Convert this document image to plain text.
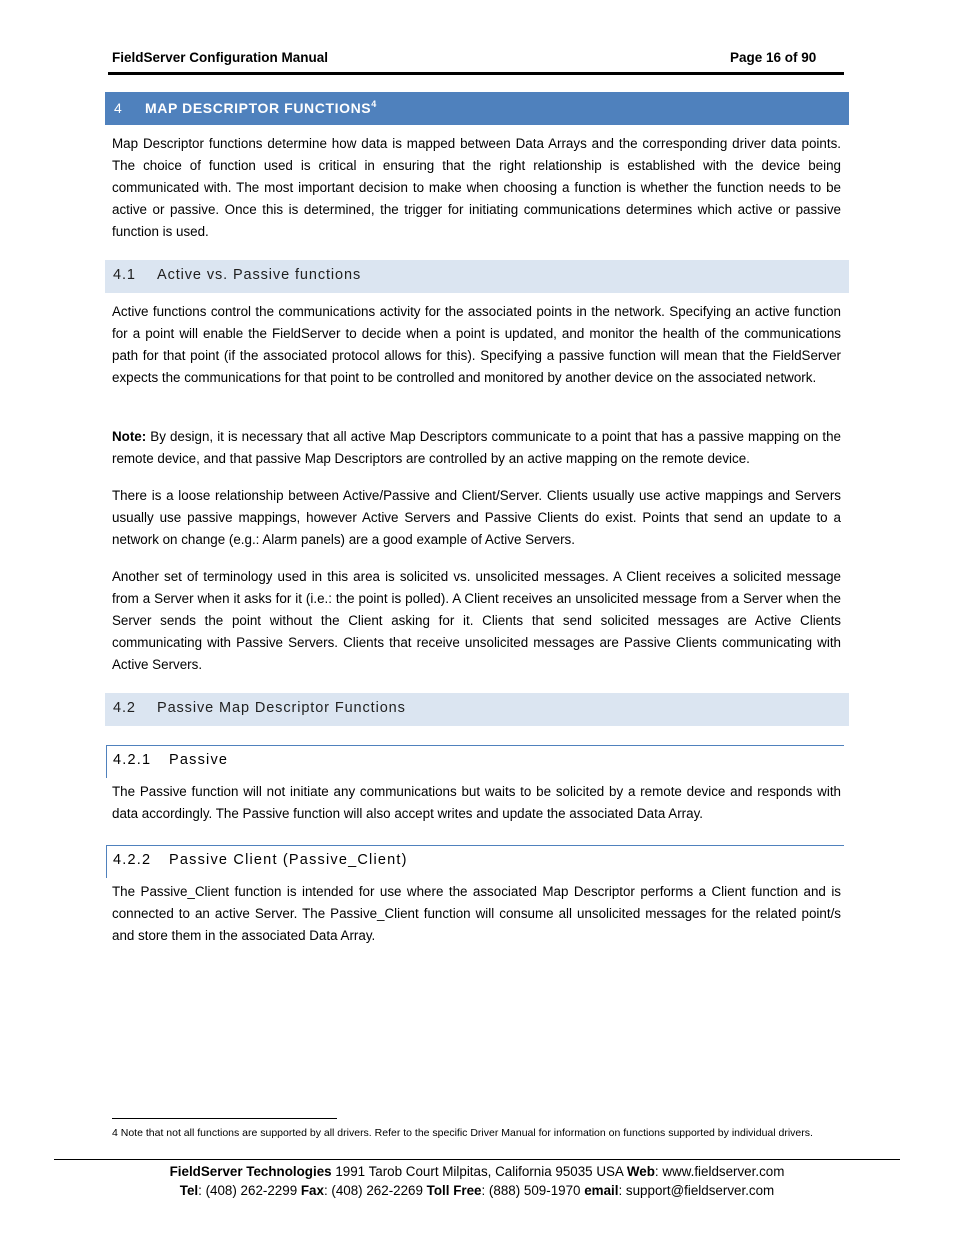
FieldServer Configuration Manual	Page 16 of 90
4 MAP DESCRIPTOR FUNCTIONS$^4$

Map Descriptor functions determine how data is mapped between Data Arrays and the corresponding driver data points. The choice of function used is critical in ensuring that the right relationship is established with the device being communicated with. The most important decision to make when choosing a function is whether the function needs to be active or passive. Once this is determined, the trigger for initiating communications determines which active or passive function is used.

4.1 Active vs. Passive functions

Active functions control the communications activity for the associated points in the network. Specifying an active function for a point will enable the FieldServer to decide when a point is updated, and monitor the health of the communications path for that point (if the associated protocol allows for this). Specifying a passive function will mean that the FieldServer expects the communications for that point to be controlled and monitored by another device on the associated network.

Note: By design, it is necessary that all active Map Descriptors communicate to a point that has a passive mapping on the remote device, and that passive Map Descriptors are controlled by an active mapping on the remote device.

There is a loose relationship between Active/Passive and Client/Server. Clients usually use active mappings and Servers usually use passive mappings, however Active Servers and Passive Clients do exist. Points that send an update to a network on change (e.g.: Alarm panels) are a good example of Active Servers.

Another set of terminology used in this area is solicited vs. unsolicited messages. A Client receives a solicited message from a Server when it asks for it (i.e.: the point is polled). A Client receives an unsolicited message from a Server when the Server sends the point without the Client asking for it. Clients that send solicited messages are Active Clients communicating with Passive Servers. Clients that receive unsolicited messages are Passive Clients communicating with Active Servers.

4.2 Passive Map Descriptor Functions
4.2.1 Passive

The Passive function will not initiate any communications but waits to be solicited by a remote device and responds with data accordingly. The Passive function will also accept writes and update the associated Data Array.

4.2.2 Passive Client (Passive_Client)

The Passive_Client function is intended for use where the associated Map Descriptor performs a Client function and is connected to an active Server. The Passive_Client function will consume all unsolicited messages for the related point/s and store them in the associated Data Array.

4 Note that not all functions are supported by all drivers. Refer to the specific Driver Manual for information on functions supported by individual drivers.
FieldServer Technologies 1991 Tarob Court Milpitas, California 95035 USA Web: www.fieldserver.com
Tel: (408) 262-2299 Fax: (408) 262-2269 Toll Free: (888) 509-1970 email: support@fieldserver.com
